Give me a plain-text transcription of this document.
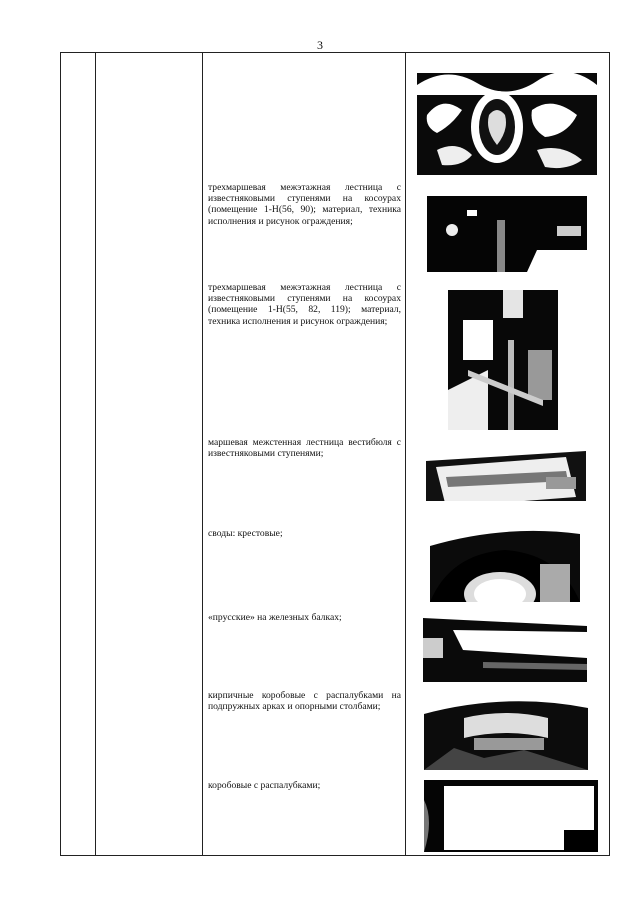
3

трехмаршевая межэтажная лестница с известняковыми ступенями на косоурах (помещение 1-Н(56, 90); материал, техника исполнения и рисунок ограждения;

трехмаршевая межэтажная лестница с известняковыми ступенями на косоурах (помещение 1-Н(55, 82, 119); материал, техника исполнения и рисунок ограждения;

маршевая межстенная лестница вестибюля с известняковыми ступенями;

своды: крестовые;

«прусские» на железных балках;

кирпичные коробовые с распалубками на подпружных арках и опорными столбами;

коробовые с распалубками;
